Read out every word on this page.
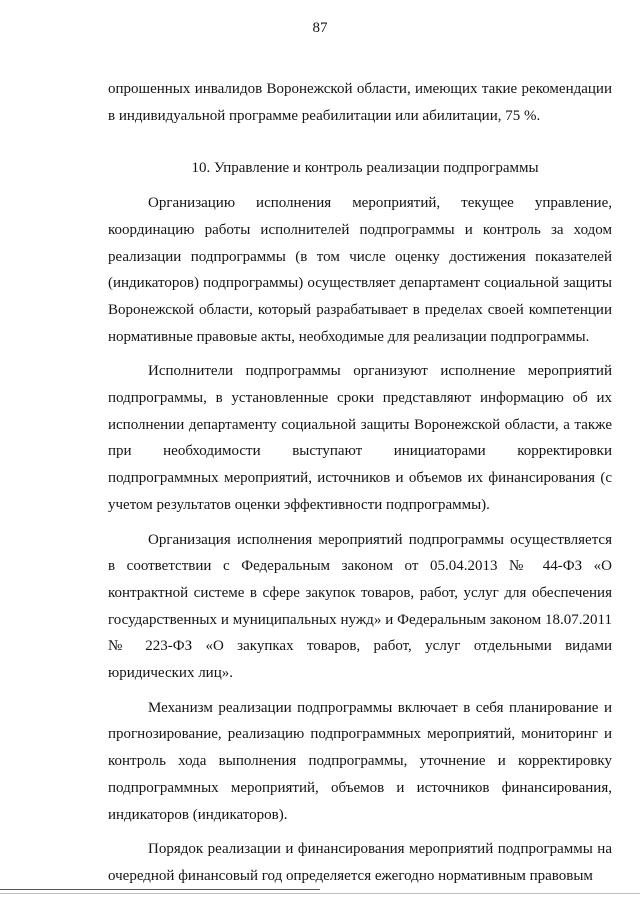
87

опрошенных инвалидов Воронежской области, имеющих такие рекомендации в индивидуальной программе реабилитации или абилитации, 75 %.

10. Управление и контроль реализации подпрограммы

Организацию исполнения мероприятий, текущее управление, координацию работы исполнителей подпрограммы и контроль за ходом реализации подпрограммы (в том числе оценку достижения показателей (индикаторов) подпрограммы) осуществляет департамент социальной защиты Воронежской области, который разрабатывает в пределах своей компетенции нормативные правовые акты, необходимые для реализации подпрограммы.

Исполнители подпрограммы организуют исполнение мероприятий подпрограммы, в установленные сроки представляют информацию об их исполнении департаменту социальной защиты Воронежской области, а также при необходимости выступают инициаторами корректировки подпрограммных мероприятий, источников и объемов их финансирования (с учетом результатов оценки эффективности подпрограммы).

Организация исполнения мероприятий подпрограммы осуществляется в соответствии с Федеральным законом от 05.04.2013 № 44-ФЗ «О контрактной системе в сфере закупок товаров, работ, услуг для обеспечения государственных и муниципальных нужд» и Федеральным законом 18.07.2011 № 223-ФЗ «О закупках товаров, работ, услуг отдельными видами юридических лиц».

Механизм реализации подпрограммы включает в себя планирование и прогнозирование, реализацию подпрограммных мероприятий, мониторинг и контроль хода выполнения подпрограммы, уточнение и корректировку подпрограммных мероприятий, объемов и источников финансирования, индикаторов (индикаторов).

Порядок реализации и финансирования мероприятий подпрограммы на очередной финансовый год определяется ежегодно нормативным правовым
